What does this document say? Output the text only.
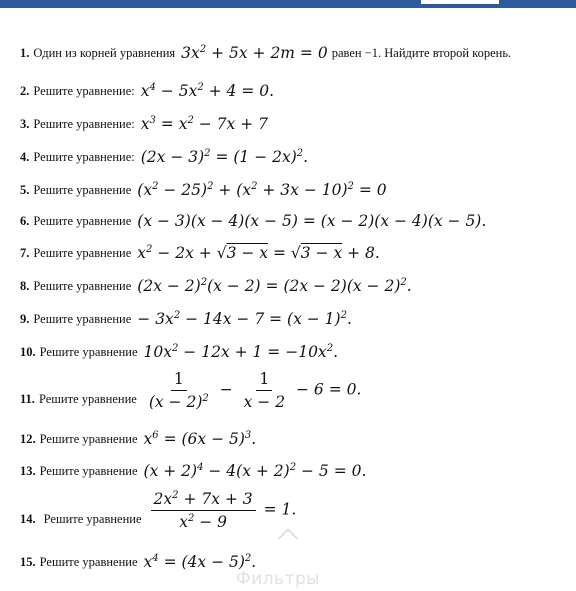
1. Один из корней уравнения $3x^2 + 5x + 2m = 0$ равен −1. Найдите второй корень.
2. Решите уравнение: $x^4 - 5x^2 + 4 = 0$.
3. Решите уравнение: $x^3 = x^2 - 7x + 7$
4. Решите уравнение: $(2x - 3)^2 = (1 - 2x)^2$.
5. Решите уравнение $(x^2 - 25)^2 + (x^2 + 3x - 10)^2 = 0$
6. Решите уравнение (x − 3)(x − 4)(x − 5) = (x − 2)(x − 4)(x − 5).
7. Решите уравнение $x^2 - 2x + √3 - x = √3 - x + 8$.
8. Решите уравнение $(2x - 2)^2(x - 2) = (2x - 2)(x - 2)^2$.
9. Решите уравнение − $3x^2 - 14x - 7 = (x - 1)^2$.
10. Решите уравнение $10x^2 - 12x + 1 = -10x^2$.
11. Решите уравнение $\frac{1}{(x - 2)^2} - \frac{1}{x - 2} - 6 = 0$.
12. Решите уравнение $x^6 = (6x - 5)^3$.
13. Решите уравнение $(x + 2)^4 - 4(x + 2)^2 - 5 = 0$.
14. Решите уравнение $\frac{2x^2 + 7x + 3}{x^2 - 9} = 1$.
15. Решите уравнение $x^4 = (4x - 5)^2$.
Фильтры
